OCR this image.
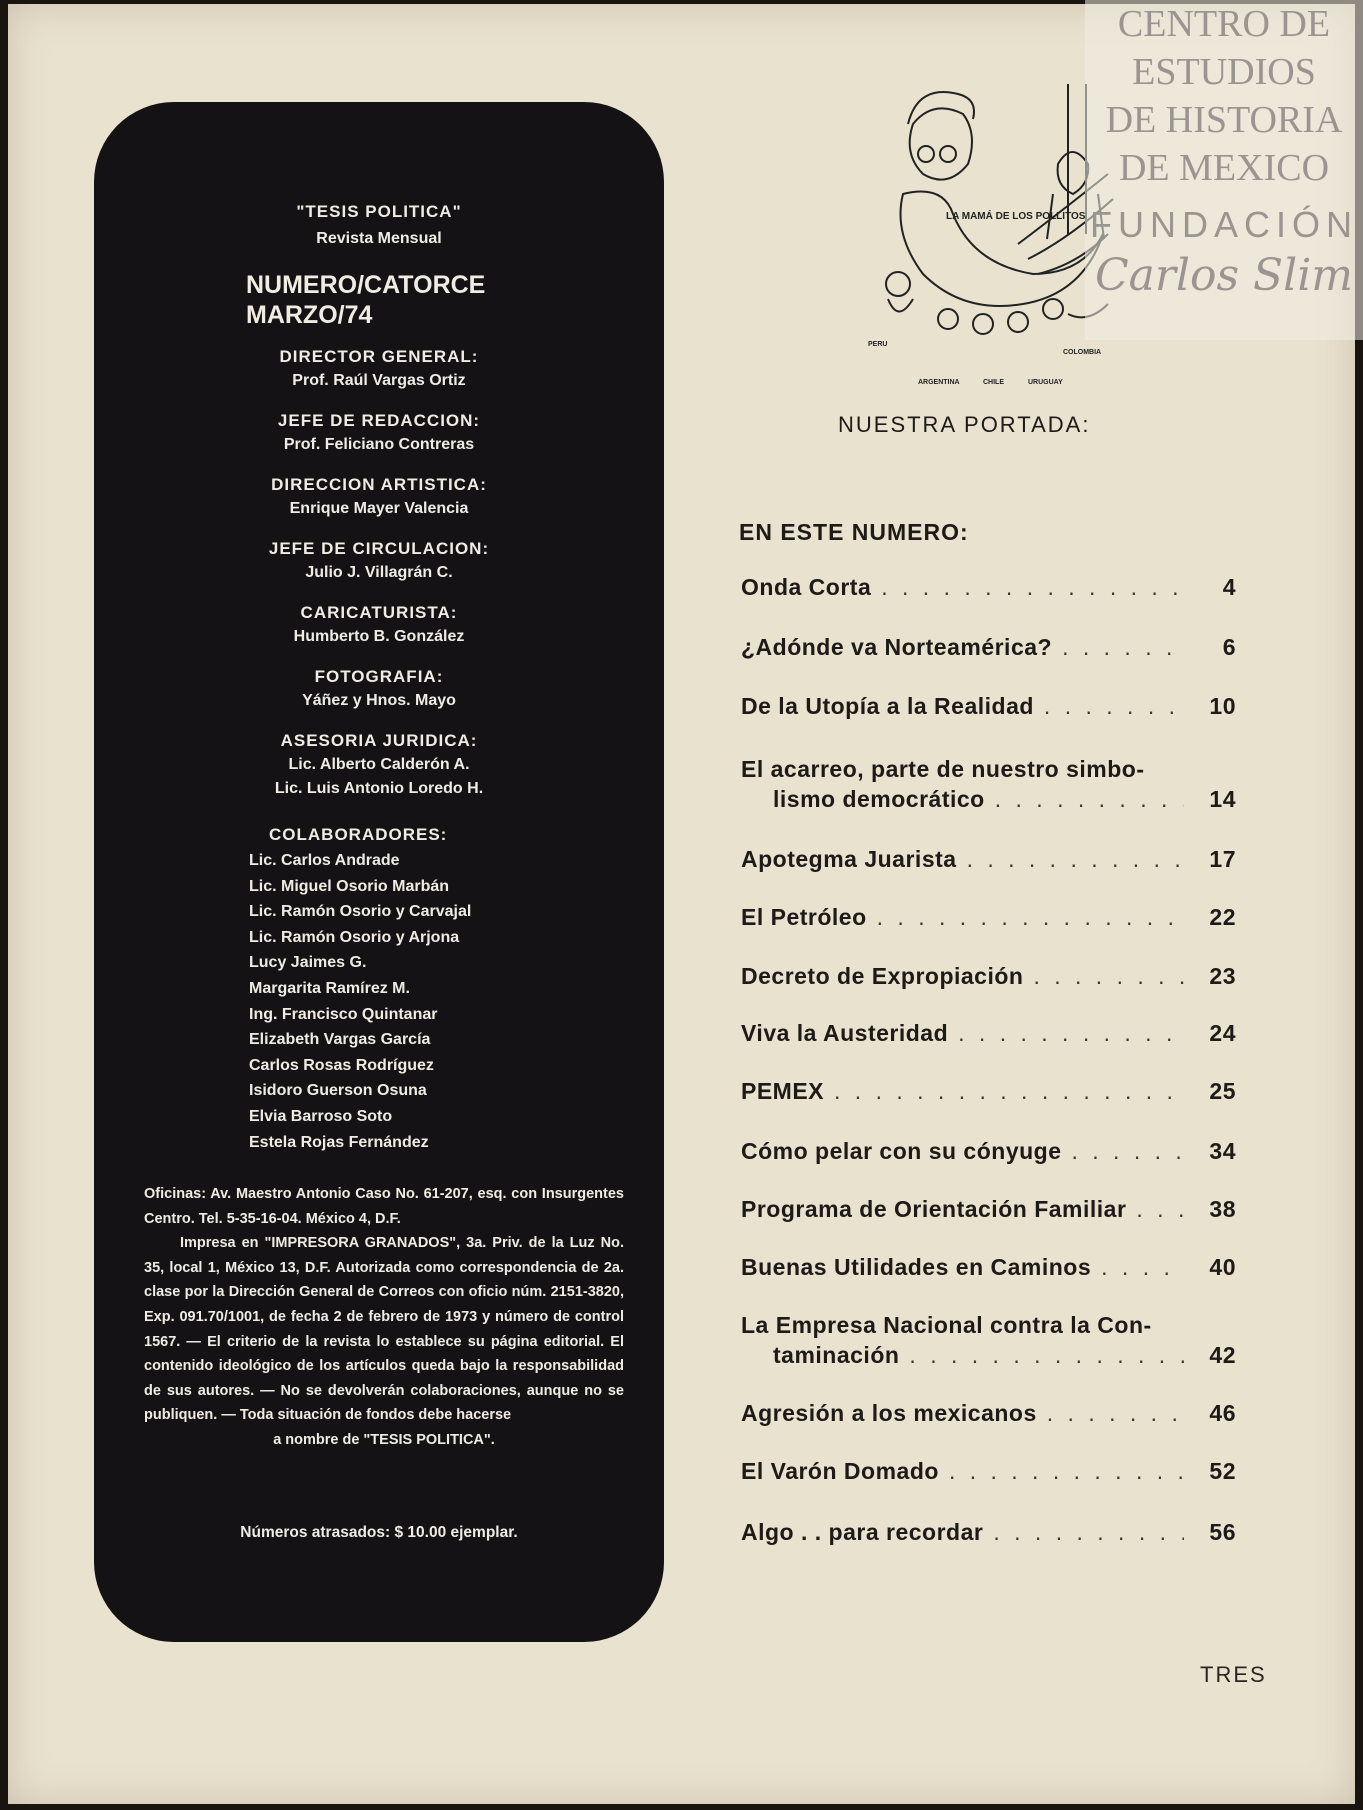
"TESIS POLITICA"
Revista Mensual
NUMERO/CATORCE
MARZO/74
DIRECTOR GENERAL:
Prof. Raúl Vargas Ortiz
JEFE DE REDACCION:
Prof. Feliciano Contreras
DIRECCION ARTISTICA:
Enrique Mayer Valencia
JEFE DE CIRCULACION:
Julio J. Villagrán C.
CARICATURISTA:
Humberto B. González
FOTOGRAFIA:
Yáñez y Hnos. Mayo
ASESORIA JURIDICA:
Lic. Alberto Calderón A.
Lic. Luis Antonio Loredo H.
COLABORADORES:
Lic. Carlos Andrade
Lic. Miguel Osorio Marbán
Lic. Ramón Osorio y Carvajal
Lic. Ramón Osorio y Arjona
Lucy Jaimes G.
Margarita Ramírez M.
Ing. Francisco Quintanar
Elizabeth Vargas García
Carlos Rosas Rodríguez
Isidoro Guerson Osuna
Elvia Barroso Soto
Estela Rojas Fernández
Oficinas: Av. Maestro Antonio Caso No. 61-207, esq. con Insurgentes Centro. Tel. 5-35-16-04. México 4, D.F.
Impresa en "IMPRESORA GRANADOS", 3a. Priv. de la Luz No. 35, local 1, México 13, D.F. Autorizada como correspondencia de 2a. clase por la Dirección General de Correos con oficio núm. 2151-3820, Exp. 091.70/1001, de fecha 2 de febrero de 1973 y número de control 1567. — El criterio de la revista lo establece su página editorial. El contenido ideológico de los artículos queda bajo la responsabilidad de sus autores. — No se devolverán colaboraciones, aunque no se publiquen. — Toda situación de fondos debe hacerse
a nombre de "TESIS POLITICA".
Números atrasados: $ 10.00 ejemplar.
LA MAMÁ DE LOS POLLITOS
PERU
ARGENTINA	CHILE	URUGUAY
COLOMBIA
NUESTRA PORTADA:
EN ESTE NUMERO:
Onda Corta . . .	4
¿Adónde va Norteamérica? . . .	6
De la Utopía a la Realidad . . .	10
El acarreo, parte de nuestro simbo-
lismo democrático . . .	14
Apotegma Juarista . . .	17
El Petróleo . . .	22
Decreto de Expropiación . . .	23
Viva la Austeridad . . .	24
PEMEX . . .	25
Cómo pelar con su cónyuge . . .	34
Programa de Orientación Familiar . . .	38
Buenas Utilidades en Caminos . . .	40
La Empresa Nacional contra la Con-
taminación . . .	42
Agresión a los mexicanos . . .	46
El Varón Domado . . .	52
Algo . . para recordar . . .	56
TRES
CENTRO DE
ESTUDIOS
DE HISTORIA
DE MEXICO
FUNDACIÓN
Carlos Slim
